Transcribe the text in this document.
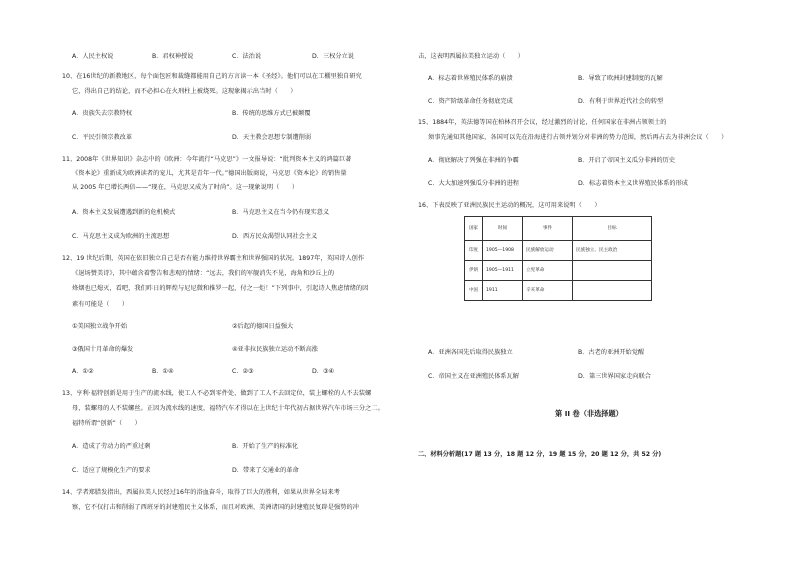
A．人民主权说	B．君权神授说	C．法治说	D．三权分立说
10、在16世纪的新教地区，每个面包匠和裁缝都能用自己的方言读一本《圣经》。他们可以在工棚里独自研究
它，得出自己的结论，而不必担心在火刑柱上被烧死。这现象揭示出当时（　　）
A．贵族失去宗教特权	B．传统的思维方式已被颠覆
C．平民引领宗教改革	D．天主教会思想专制遭削弱
11、2008年《世界知识》杂志中的《欧洲：今年流行“马克思”》一文报导说：“批判资本主义的鸿篇巨著
《资本论》重新成为欧洲读者的宠儿，尤其是青年一代。”德国出版商说，马克思《资本论》的销售量
从 2005 年已增长两倍——“现在，马克思又成为了时尚”。这一现象说明（　　）
A．资本主义发展遭遇到新的危机模式	B．马克思主义在当今仍有现实意义
C．马克思主义成为欧洲的主流思想	D．西方民众渴望认同社会主义
12、19 世纪后期，英国在依旧独立自己是否有能力维持世界霸主和世界强国的状况。1897年，英国诗人创作
《退场赞美诗》，其中蕴含着警告和悲观的情绪：“远去，我们的军舰消失不见，海角和沙丘上的
烽烟也已熄灭，看吧，我们昨日的辉煌与尼尼微和推罗一起，付之一炬！”下列事中，引起诗人焦虑情绪的因
素有可能是（　　）
①美国独立战争开始	②后起的德国日益强大
③俄国十月革命的爆发	④亚非拉民族独立运动不断高涨
A．①②	B．①④	C．②③	D．③④
13、亨利·福特创新是用于生产的流水线，使工人不必到零件处，做到了工人不去回定位，装上螺栓的人不去装螺
母，装螺母的人不装螺丝。正因为流水线的速度，福特汽车才得以在上世纪十年代初占据世界汽车市场三分之二。
福特所谓“创新”（　　）
A．造成了劳动力的严重过剩	B．开始了生产的标准化
C．适应了规模化生产的要求	D．带来了交通业的革命
14、学者郑腊发指出，西属拉美人民经过16年的浴血奋斗，取得了巨大的胜利，如果从世界全局来考
察，它不仅打击和削弱了西班牙的封建殖民主义体系，而且对欧洲、美洲诸国的封建殖民复辟是强势的冲
击，这表明西属拉美独立运动（　　）
A．标志着世界殖民体系的崩溃	B．导致了欧洲封建制度的瓦解
C．资产阶级革命任务彻底完成	D．有利于世界近代社会的转型
15、1884年，英法德等国在柏林召开会议，经过激烈的讨论，任何国家在非洲占领领土的
须事先通知其他国家，各国可以先在沿海进行占领并划分对非洲的势力范围，然后再占去为非洲会议（　　）
A．彻底解决了列强在非洲的争霸	B．开启了帝国主义瓜分非洲的历史
C．大大加速列强瓜分非洲的进程	D．标志着资本主义世界殖民体系的形成
16、下表反映了亚洲民族民主运动的概况，这可用来说明（　　）
国家	时间	事件	目标
印度	1905—1908	民族解放运动	民族独立、民主政治
伊朗	1905—1911	立宪革命	
中国	1911	辛亥革命	
A．亚洲各国先后取得民族独立	B．古老的亚洲开始觉醒
C．帝国主义在亚洲殖民体系瓦解	D．第三世界国家走向联合
第 II 卷（非选择题）
二、材料分析题(17 题 13 分，18 题 12 分，19 题 15 分，20 题 12 分，共 52 分)
